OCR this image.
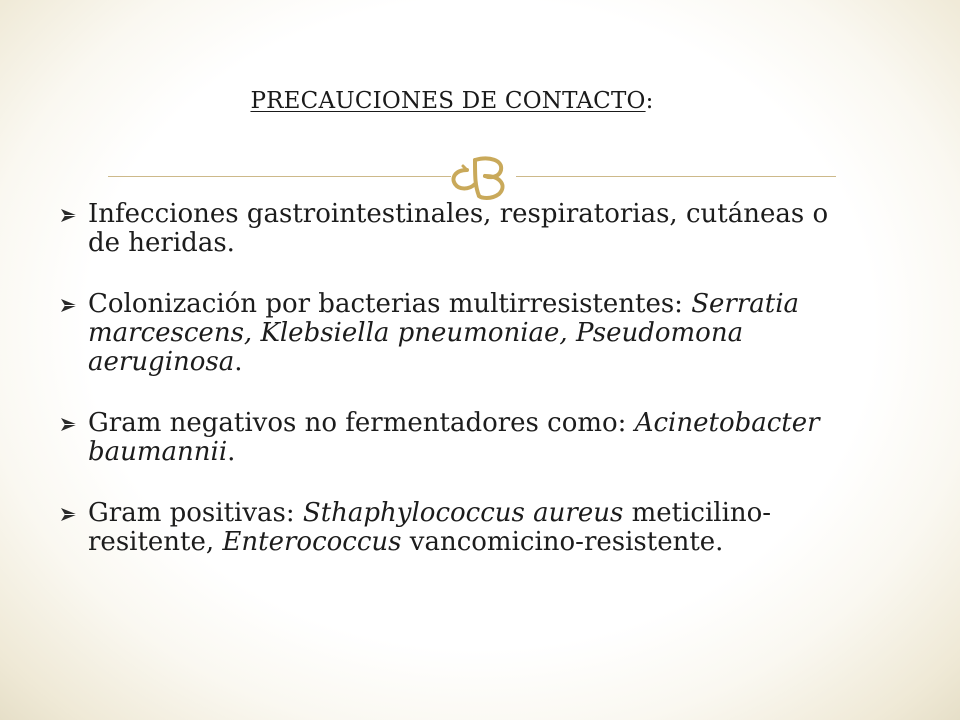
PRECAUCIONES DE CONTACTO:
Infecciones gastrointestinales, respiratorias, cutáneas o de heridas.
Colonización por bacterias multirresistentes: Serratia marcescens, Klebsiella pneumoniae, Pseudomona aeruginosa.
Gram negativos no fermentadores como: Acinetobacter baumannii.
Gram positivas: Sthaphylococcus aureus meticilino-resitente, Enterococcus vancomicino-resistente.
